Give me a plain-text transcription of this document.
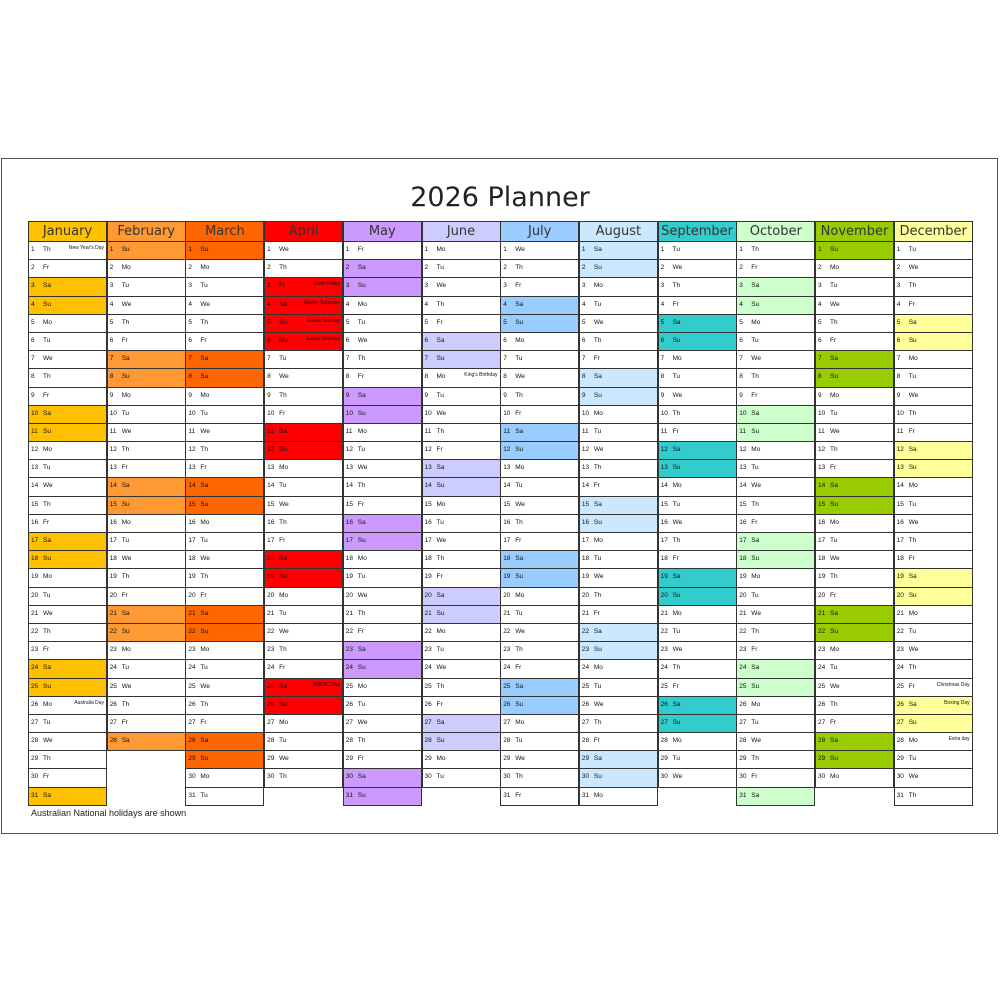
2026 Planner
January
1 Th	New Year's Day
2 Fr
3 Sa
4 Su
5 Mo
6 Tu
7 We
8 Th
9 Fr
10 Sa
11 Su
12 Mo
13 Tu
14 We
15 Th
16 Fr
17 Sa
18 Su
19 Mo
20 Tu
21 We
22 Th
23 Fr
24 Sa
25 Su
26 Mo	Australia Day
27 Tu
28 We
29 Th
30 Fr
31 Sa
February
1 Su
2 Mo
3 Tu
4 We
5 Th
6 Fr
7 Sa
8 Su
9 Mo
10 Tu
11 We
12 Th
13 Fr
14 Sa
15 Su
16 Mo
17 Tu
18 We
19 Th
20 Fr
21 Sa
22 Su
23 Mo
24 Tu
25 We
26 Th
27 Fr
28 Sa
March
1 Su
2 Mo
3 Tu
4 We
5 Th
6 Fr
7 Sa
8 Su
9 Mo
10 Tu
11 We
12 Th
13 Fr
14 Sa
15 Su
16 Mo
17 Tu
18 We
19 Th
20 Fr
21 Sa
22 Su
23 Mo
24 Tu
25 We
26 Th
27 Fr
28 Sa
29 Su
30 Mo
31 Tu
April
1 We
2 Th
3 Fr	Good Friday
4 Sa	Easter Saturday
5 Su	Easter Sunday
6 Mo	Easter Monday
7 Tu
8 We
9 Th
10 Fr
11 Sa
12 Su
13 Mo
14 Tu
15 We
16 Th
17 Fr
18 Sa
19 Su
20 Mo
21 Tu
22 We
23 Th
24 Fr
25 Sa	ANZAC Day
26 Su
27 Mo
28 Tu
29 We
30 Th
May
1 Fr
2 Sa
3 Su
4 Mo
5 Tu
6 We
7 Th
8 Fr
9 Sa
10 Su
11 Mo
12 Tu
13 We
14 Th
15 Fr
16 Sa
17 Su
18 Mo
19 Tu
20 We
21 Th
22 Fr
23 Sa
24 Su
25 Mo
26 Tu
27 We
28 Th
29 Fr
30 Sa
31 Su
June
1 Mo
2 Tu
3 We
4 Th
5 Fr
6 Sa
7 Su
8 Mo	King's Birthday
9 Tu
10 We
11 Th
12 Fr
13 Sa
14 Su
15 Mo
16 Tu
17 We
18 Th
19 Fr
20 Sa
21 Su
22 Mo
23 Tu
24 We
25 Th
26 Fr
27 Sa
28 Su
29 Mo
30 Tu
July
1 We
2 Th
3 Fr
4 Sa
5 Su
6 Mo
7 Tu
8 We
9 Th
10 Fr
11 Sa
12 Su
13 Mo
14 Tu
15 We
16 Th
17 Fr
18 Sa
19 Su
20 Mo
21 Tu
22 We
23 Th
24 Fr
25 Sa
26 Su
27 Mo
28 Tu
29 We
30 Th
31 Fr
August
1 Sa
2 Su
3 Mo
4 Tu
5 We
6 Th
7 Fr
8 Sa
9 Su
10 Mo
11 Tu
12 We
13 Th
14 Fr
15 Sa
16 Su
17 Mo
18 Tu
19 We
20 Th
21 Fr
22 Sa
23 Su
24 Mo
25 Tu
26 We
27 Th
28 Fr
29 Sa
30 Su
31 Mo
September
1 Tu
2 We
3 Th
4 Fr
5 Sa
6 Su
7 Mo
8 Tu
9 We
10 Th
11 Fr
12 Sa
13 Su
14 Mo
15 Tu
16 We
17 Th
18 Fr
19 Sa
20 Su
21 Mo
22 Tu
23 We
24 Th
25 Fr
26 Sa
27 Su
28 Mo
29 Tu
30 We
October
1 Th
2 Fr
3 Sa
4 Su
5 Mo
6 Tu
7 We
8 Th
9 Fr
10 Sa
11 Su
12 Mo
13 Tu
14 We
15 Th
16 Fr
17 Sa
18 Su
19 Mo
20 Tu
21 We
22 Th
23 Fr
24 Sa
25 Su
26 Mo
27 Tu
28 We
29 Th
30 Fr
31 Sa
November
1 Su
2 Mo
3 Tu
4 We
5 Th
6 Fr
7 Sa
8 Su
9 Mo
10 Tu
11 We
12 Th
13 Fr
14 Sa
15 Su
16 Mo
17 Tu
18 We
19 Th
20 Fr
21 Sa
22 Su
23 Mo
24 Tu
25 We
26 Th
27 Fr
28 Sa
29 Su
30 Mo
December
1 Tu
2 We
3 Th
4 Fr
5 Sa
6 Su
7 Mo
8 Tu
9 We
10 Th
11 Fr
12 Sa
13 Su
14 Mo
15 Tu
16 We
17 Th
18 Fr
19 Sa
20 Su
21 Mo
22 Tu
23 We
24 Th
25 Fr	Christmas Day
26 Sa	Boxing Day
27 Su
28 Mo	Extra day
29 Tu
30 We
31 Th
Australian National holidays are shown
